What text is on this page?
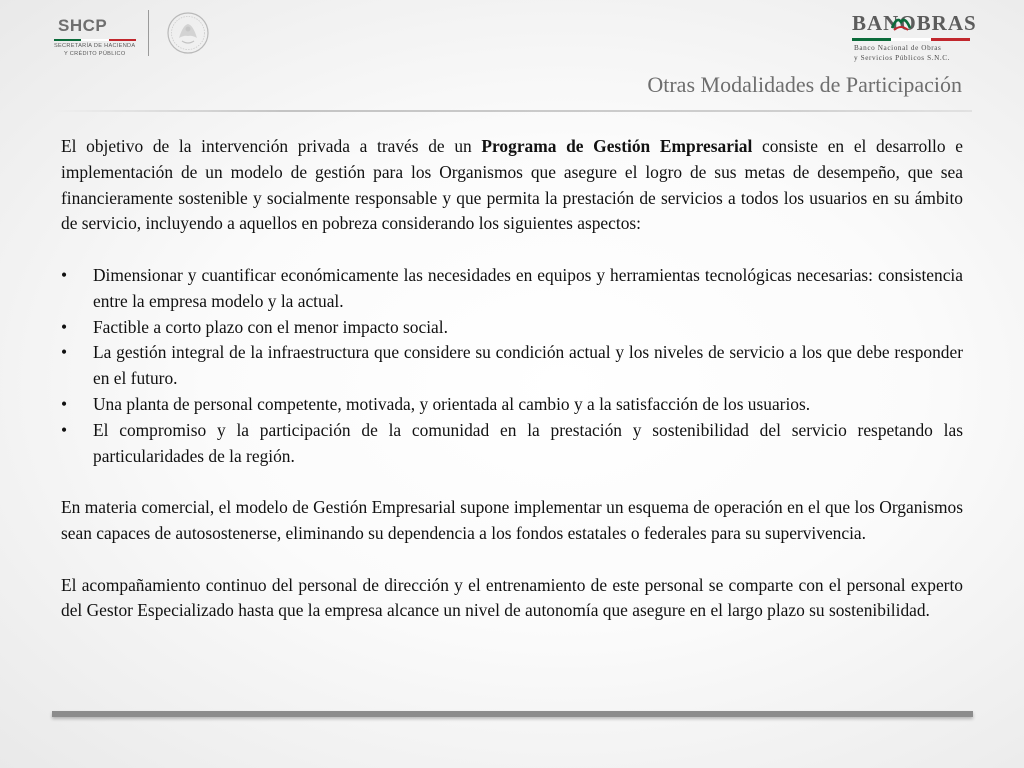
SHCP
SECRETARÍA DE HACIENDA
Y CRÉDITO PÚBLICO
BANOBRAS
Banco Nacional de Obras
y Servicios Públicos S.N.C.
Otras Modalidades de Participación

El objetivo de la intervención privada a través de un Programa de Gestión Empresarial consiste en el desarrollo e implementación de un modelo de gestión para los Organismos que asegure el logro de sus metas de desempeño, que sea financieramente sostenible y socialmente responsable y que permita la prestación de servicios a todos los usuarios en su ámbito de servicio, incluyendo a aquellos en pobreza considerando los siguientes aspectos:

• Dimensionar y cuantificar económicamente las necesidades en equipos y herramientas tecnológicas necesarias: consistencia entre la empresa modelo y la actual.
• Factible a corto plazo con el menor impacto social.
• La gestión integral de la infraestructura que considere su condición actual y los niveles de servicio a los que debe responder en el futuro.
• Una planta de personal competente, motivada, y orientada al cambio y a la satisfacción de los usuarios.
• El compromiso y la participación de la comunidad en la prestación y sostenibilidad del servicio respetando las particularidades de la región.

En materia comercial, el modelo de Gestión Empresarial supone implementar un esquema de operación en el que los Organismos sean capaces de autosostenerse, eliminando su dependencia a los fondos estatales o federales para su supervivencia.

El acompañamiento continuo del personal de dirección y el entrenamiento de este personal se comparte con el personal experto del Gestor Especializado hasta que la empresa alcance un nivel de autonomía que asegure en el largo plazo su sostenibilidad.
